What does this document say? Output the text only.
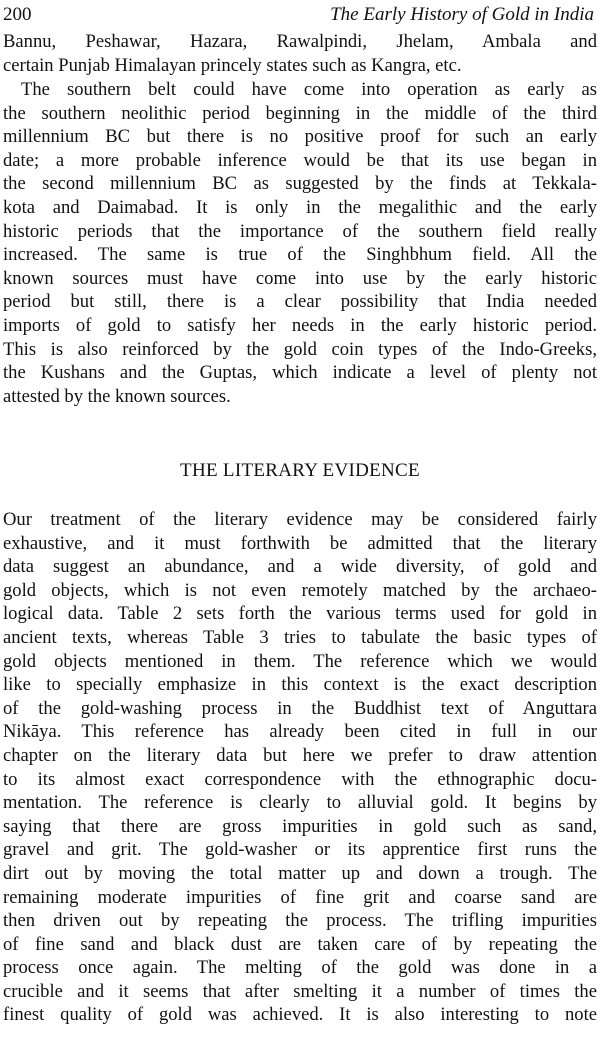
200	The Early History of Gold in India
Bannu, Peshawar, Hazara, Rawalpindi, Jhelam, Ambala and
certain Punjab Himalayan princely states such as Kangra, etc.
The southern belt could have come into operation as early as
the southern neolithic period beginning in the middle of the third
millennium BC but there is no positive proof for such an early
date; a more probable inference would be that its use began in
the second millennium BC as suggested by the finds at Tekkala-
kota and Daimabad. It is only in the megalithic and the early
historic periods that the importance of the southern field really
increased. The same is true of the Singhbhum field. All the
known sources must have come into use by the early historic
period but still, there is a clear possibility that India needed
imports of gold to satisfy her needs in the early historic period.
This is also reinforced by the gold coin types of the Indo-Greeks,
the Kushans and the Guptas, which indicate a level of plenty not
attested by the known sources.
THE LITERARY EVIDENCE
Our treatment of the literary evidence may be considered fairly
exhaustive, and it must forthwith be admitted that the literary
data suggest an abundance, and a wide diversity, of gold and
gold objects, which is not even remotely matched by the archaeo-
logical data. Table 2 sets forth the various terms used for gold in
ancient texts, whereas Table 3 tries to tabulate the basic types of
gold objects mentioned in them. The reference which we would
like to specially emphasize in this context is the exact description
of the gold-washing process in the Buddhist text of Anguttara
Nikāya. This reference has already been cited in full in our
chapter on the literary data but here we prefer to draw attention
to its almost exact correspondence with the ethnographic docu-
mentation. The reference is clearly to alluvial gold. It begins by
saying that there are gross impurities in gold such as sand,
gravel and grit. The gold-washer or its apprentice first runs the
dirt out by moving the total matter up and down a trough. The
remaining moderate impurities of fine grit and coarse sand are
then driven out by repeating the process. The trifling impurities
of fine sand and black dust are taken care of by repeating the
process once again. The melting of the gold was done in a
crucible and it seems that after smelting it a number of times the
finest quality of gold was achieved. It is also interesting to note
